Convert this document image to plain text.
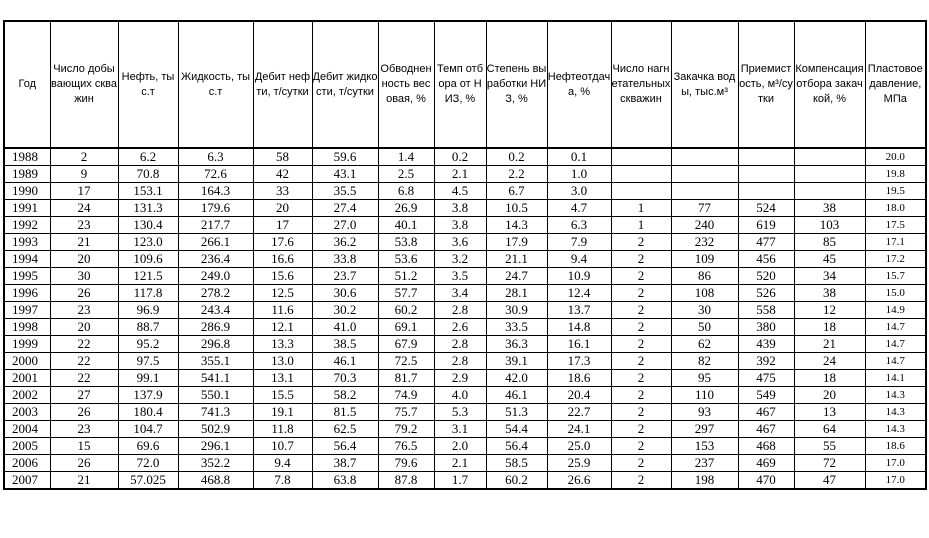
Год	Число добывающих скважин	Нефть, тыс.т	Жидкость, тыс.т	Дебит нефти, т/сутки	Дебит жидкости, т/сутки	Обводненность весовая, %	Темп отбора от НИЗ, %	Степень выработки НИЗ, %	Нефтеотдача, %	Число нагнетательных скважин	Закачка воды, тыс.м³	Приемистость, м³/сутки	Компенсация отбора закачкой, %	Пластовое давление, МПа
1988	2	6.2	6.3	58	59.6	1.4	0.2	0.2	0.1					20.0
1989	9	70.8	72.6	42	43.1	2.5	2.1	2.2	1.0					19.8
1990	17	153.1	164.3	33	35.5	6.8	4.5	6.7	3.0					19.5
1991	24	131.3	179.6	20	27.4	26.9	3.8	10.5	4.7	1	77	524	38	18.0
1992	23	130.4	217.7	17	27.0	40.1	3.8	14.3	6.3	1	240	619	103	17.5
1993	21	123.0	266.1	17.6	36.2	53.8	3.6	17.9	7.9	2	232	477	85	17.1
1994	20	109.6	236.4	16.6	33.8	53.6	3.2	21.1	9.4	2	109	456	45	17.2
1995	30	121.5	249.0	15.6	23.7	51.2	3.5	24.7	10.9	2	86	520	34	15.7
1996	26	117.8	278.2	12.5	30.6	57.7	3.4	28.1	12.4	2	108	526	38	15.0
1997	23	96.9	243.4	11.6	30.2	60.2	2.8	30.9	13.7	2	30	558	12	14.9
1998	20	88.7	286.9	12.1	41.0	69.1	2.6	33.5	14.8	2	50	380	18	14.7
1999	22	95.2	296.8	13.3	38.5	67.9	2.8	36.3	16.1	2	62	439	21	14.7
2000	22	97.5	355.1	13.0	46.1	72.5	2.8	39.1	17.3	2	82	392	24	14.7
2001	22	99.1	541.1	13.1	70.3	81.7	2.9	42.0	18.6	2	95	475	18	14.1
2002	27	137.9	550.1	15.5	58.2	74.9	4.0	46.1	20.4	2	110	549	20	14.3
2003	26	180.4	741.3	19.1	81.5	75.7	5.3	51.3	22.7	2	93	467	13	14.3
2004	23	104.7	502.9	11.8	62.5	79.2	3.1	54.4	24.1	2	297	467	64	14.3
2005	15	69.6	296.1	10.7	56.4	76.5	2.0	56.4	25.0	2	153	468	55	18.6
2006	26	72.0	352.2	9.4	38.7	79.6	2.1	58.5	25.9	2	237	469	72	17.0
2007	21	57.025	468.8	7.8	63.8	87.8	1.7	60.2	26.6	2	198	470	47	17.0
